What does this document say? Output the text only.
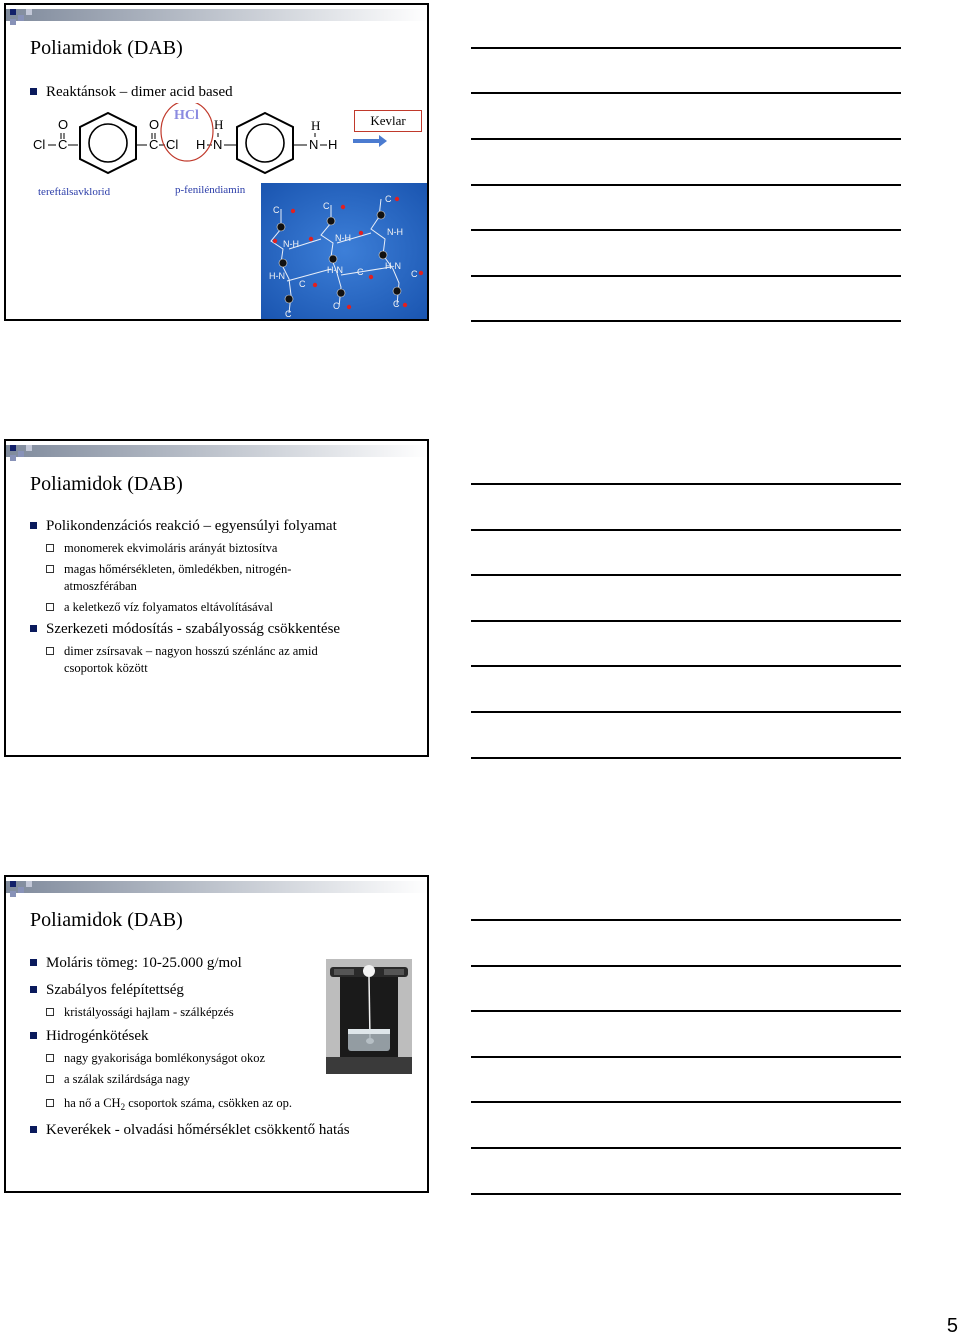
Poliamidok (DAB)
Reaktánsok – dimer acid based
O
Cl C
O
C Cl
H
H N
H
N H
HCl
tereftálsavklorid	p-feniléndiamin
Kevlar
C	C
C
N-H
N-H
N-H
H-N
H-N	H-N
C
C
C
C	C
C
Poliamidok (DAB)
Polikondenzációs reakció – egyensúlyi folyamat
monomerek ekvimoláris arányát biztosítva
magas hőmérsékleten, ömledékben, nitrogén-atmoszférában
a keletkező víz folyamatos eltávolításával
Szerkezeti módosítás - szabályosság csökkentése
dimer zsírsavak – nagyon hosszú szénlánc az amid csoportok között
Poliamidok (DAB)
Moláris tömeg: 10-25.000 g/mol
Szabályos felépítettség
kristályossági hajlam - szálképzés
Hidrogénkötések
nagy gyakorisága bomlékonyságot okoz
a szálak szilárdsága nagy
ha nő a $CH_2$ csoportok száma, csökken az op.
Keverékek - olvadási hőmérséklet csökkentő hatás
5
